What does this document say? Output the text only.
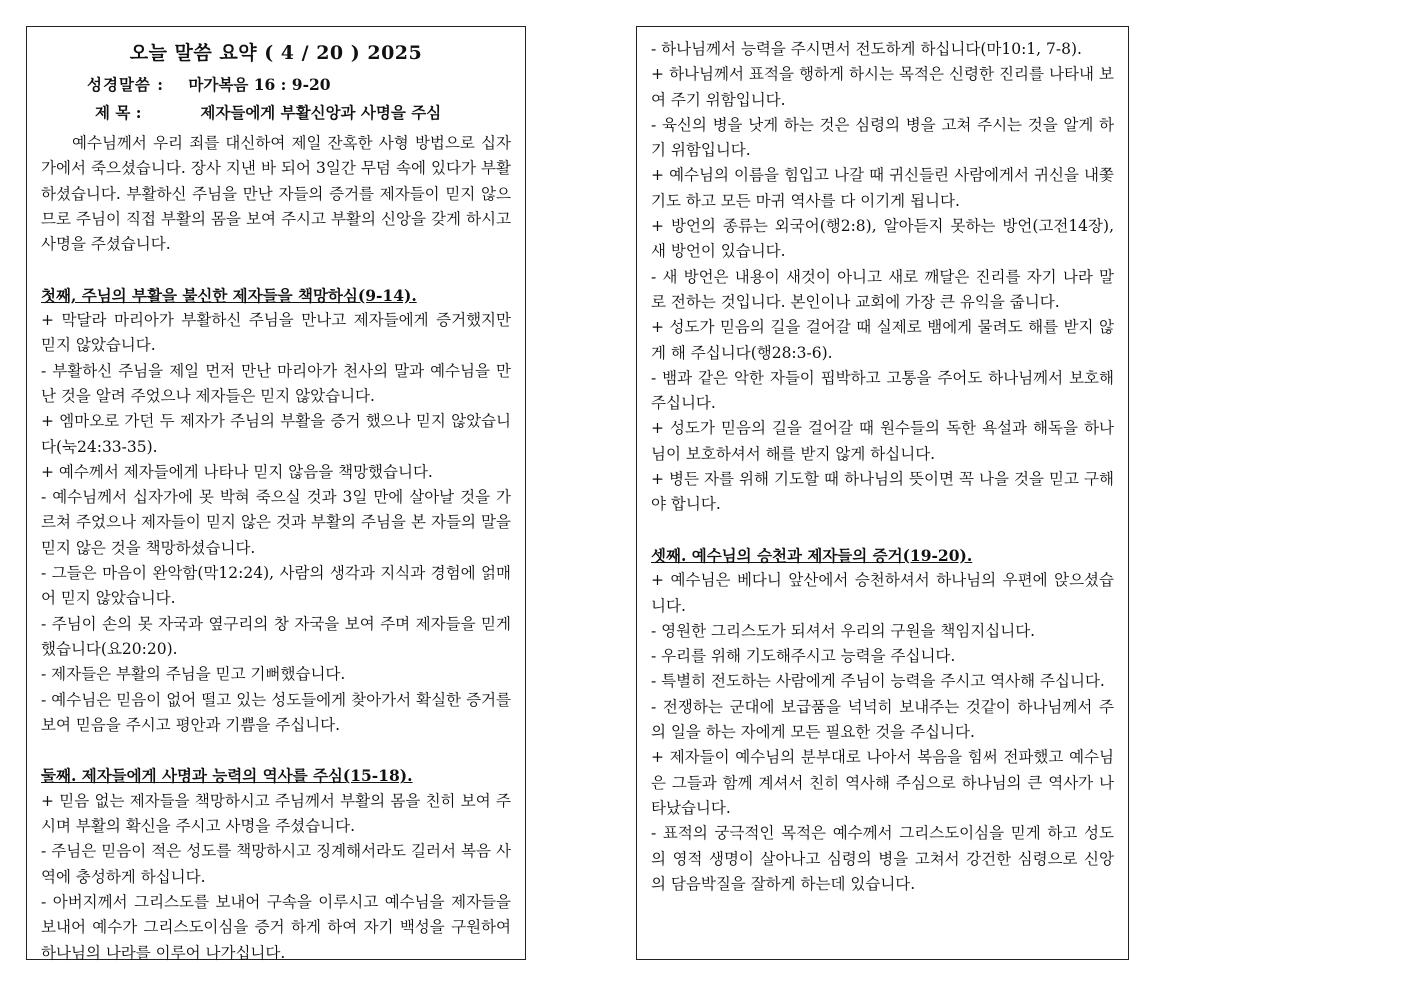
오늘 말씀 요약 ( 4 / 20 ) 2025
성경말씀 : 마가복음 16 : 9-20
제 목 :	제자들에게 부활신앙과 사명을 주심

예수님께서 우리 죄를 대신하여 제일 잔혹한 사형 방법으로 십자가에서 죽으셨습니다. 장사 지낸 바 되어 3일간 무덤 속에 있다가 부활하셨습니다. 부활하신 주님을 만난 자들의 증거를 제자들이 믿지 않으므로 주님이 직접 부활의 몸을 보여 주시고 부활의 신앙을 갖게 하시고 사명을 주셨습니다.

첫째, 주님의 부활을 불신한 제자들을 책망하심(9-14).
+ 막달라 마리아가 부활하신 주님을 만나고 제자들에게 증거했지만 믿지 않았습니다.
- 부활하신 주님을 제일 먼저 만난 마리아가 천사의 말과 예수님을 만난 것을 알려 주었으나 제자들은 믿지 않았습니다.
+ 엠마오로 가던 두 제자가 주님의 부활을 증거 했으나 믿지 않았습니다(눅24:33-35).
+ 예수께서 제자들에게 나타나 믿지 않음을 책망했습니다.
- 예수님께서 십자가에 못 박혀 죽으실 것과 3일 만에 살아날 것을 가르쳐 주었으나 제자들이 믿지 않은 것과 부활의 주님을 본 자들의 말을 믿지 않은 것을 책망하셨습니다.
- 그들은 마음이 완악함(막12:24), 사람의 생각과 지식과 경험에 얽매어 믿지 않았습니다.
- 주님이 손의 못 자국과 옆구리의 창 자국을 보여 주며 제자들을 믿게 했습니다(요20:20).
- 제자들은 부활의 주님을 믿고 기뻐했습니다.
- 예수님은 믿음이 없어 떨고 있는 성도들에게 찾아가서 확실한 증거를 보여 믿음을 주시고 평안과 기쁨을 주십니다.
둘째. 제자들에게 사명과 능력의 역사를 주심(15-18).
+ 믿음 없는 제자들을 책망하시고 주님께서 부활의 몸을 친히 보여 주시며 부활의 확신을 주시고 사명을 주셨습니다.
- 주님은 믿음이 적은 성도를 책망하시고 징계해서라도 길러서 복음 사역에 충성하게 하십니다.
- 아버지께서 그리스도를 보내어 구속을 이루시고 예수님을 제자들을 보내어 예수가 그리스도이심을 증거 하게 하여 자기 백성을 구원하여 하나님의 나라를 이루어 나가십니다.
- 하나님께서 능력을 주시면서 전도하게 하십니다(마10:1, 7-8).
+ 하나님께서 표적을 행하게 하시는 목적은 신령한 진리를 나타내 보여 주기 위함입니다.
- 육신의 병을 낫게 하는 것은 심령의 병을 고쳐 주시는 것을 알게 하기 위함입니다.
+ 예수님의 이름을 힘입고 나갈 때 귀신들린 사람에게서 귀신을 내쫓기도 하고 모든 마귀 역사를 다 이기게 됩니다.
+ 방언의 종류는 외국어(행2:8), 알아듣지 못하는 방언(고전14장), 새 방언이 있습니다.
- 새 방언은 내용이 새것이 아니고 새로 깨달은 진리를 자기 나라 말로 전하는 것입니다. 본인이나 교회에 가장 큰 유익을 줍니다.
+ 성도가 믿음의 길을 걸어갈 때 실제로 뱀에게 물려도 해를 받지 않게 해 주십니다(행28:3-6).
- 뱀과 같은 악한 자들이 핍박하고 고통을 주어도 하나님께서 보호해 주십니다.
+ 성도가 믿음의 길을 걸어갈 때 원수들의 독한 욕설과 해독을 하나님이 보호하셔서 해를 받지 않게 하십니다.
+ 병든 자를 위해 기도할 때 하나님의 뜻이면 꼭 나을 것을 믿고 구해야 합니다.
셋째. 예수님의 승천과 제자들의 증거(19-20).
+ 예수님은 베다니 앞산에서 승천하셔서 하나님의 우편에 앉으셨습니다.
- 영원한 그리스도가 되셔서 우리의 구원을 책임지십니다.
- 우리를 위해 기도해주시고 능력을 주십니다.
- 특별히 전도하는 사람에게 주님이 능력을 주시고 역사해 주십니다.
- 전쟁하는 군대에 보급품을 넉넉히 보내주는 것같이 하나님께서 주의 일을 하는 자에게 모든 필요한 것을 주십니다.
+ 제자들이 예수님의 분부대로 나아서 복음을 힘써 전파했고 예수님은 그들과 함께 계셔서 친히 역사해 주심으로 하나님의 큰 역사가 나타났습니다.
- 표적의 궁극적인 목적은 예수께서 그리스도이심을 믿게 하고 성도의 영적 생명이 살아나고 심령의 병을 고쳐서 강건한 심령으로 신앙의 담음박질을 잘하게 하는데 있습니다.
